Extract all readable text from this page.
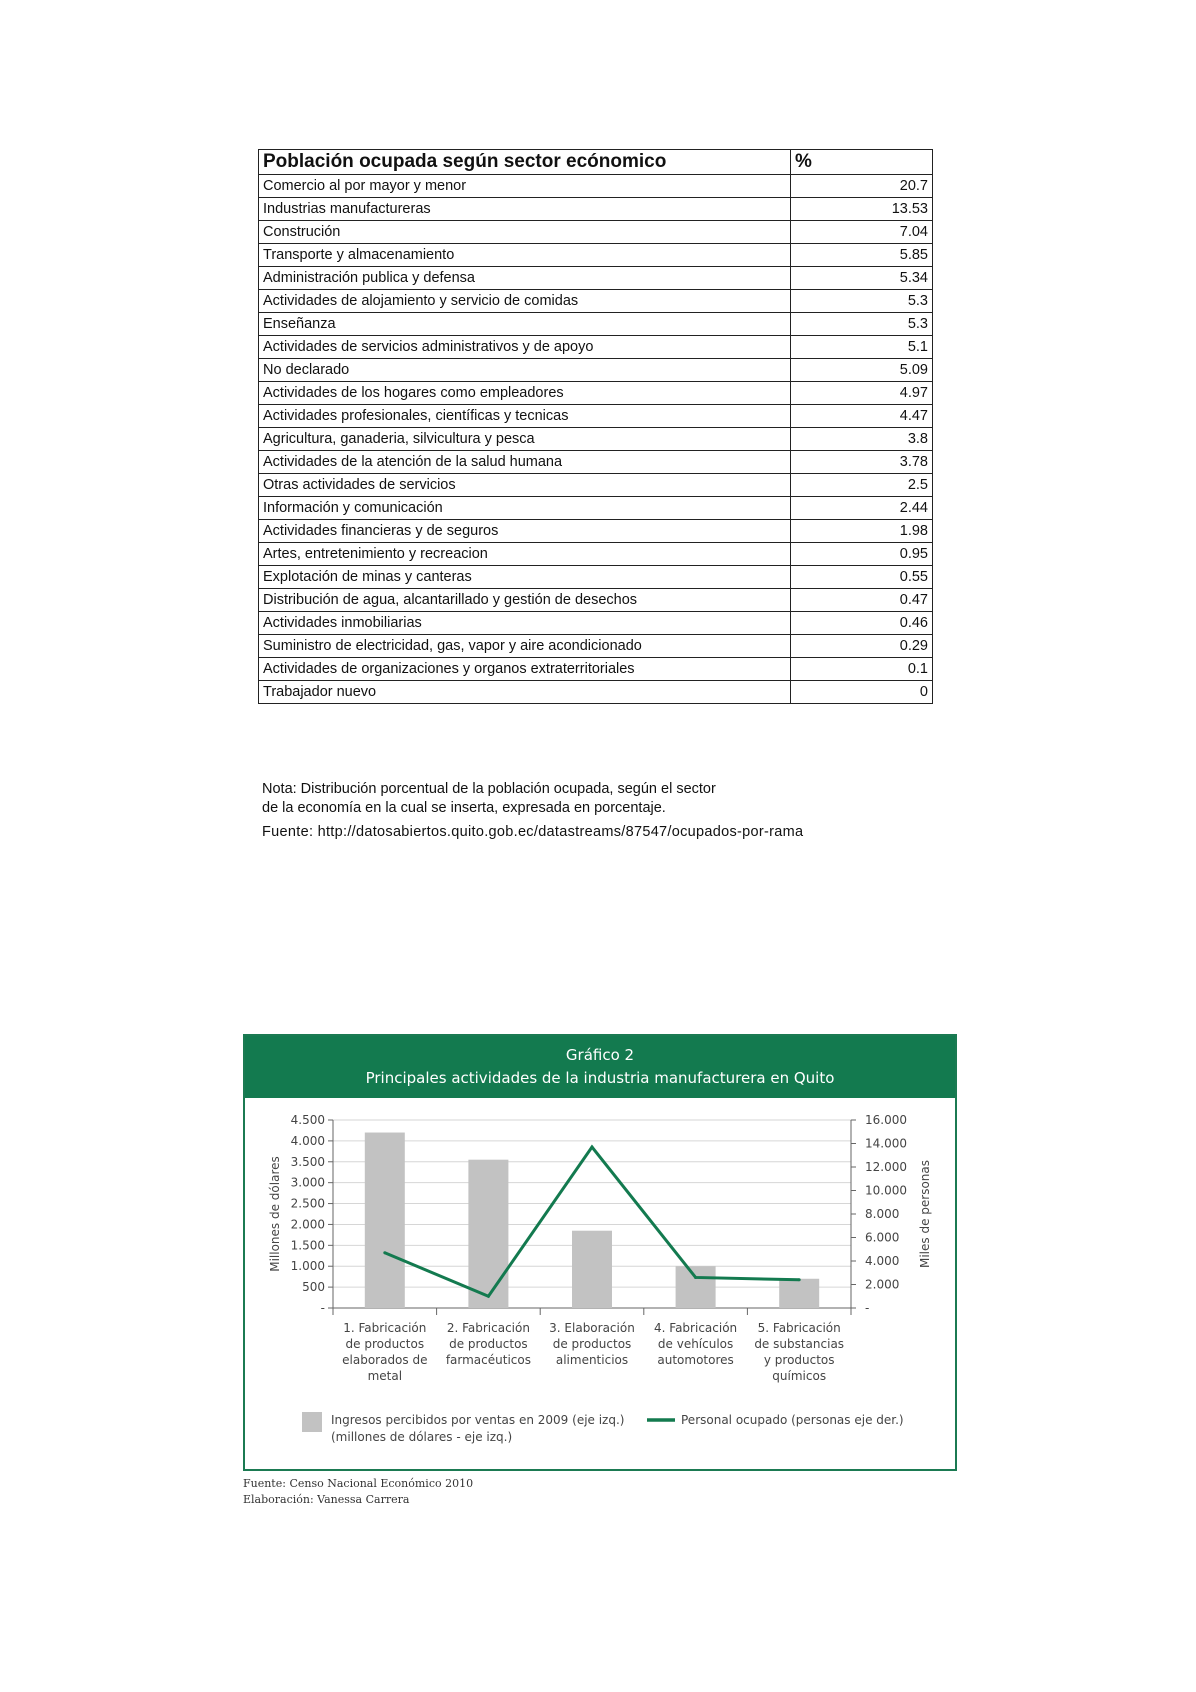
Población ocupada según sector ecónomico	%
Comercio al por mayor y menor	20.7
Industrias manufactureras	13.53
Construción	7.04
Transporte y almacenamiento	5.85
Administración publica y defensa	5.34
Actividades de alojamiento y servicio de comidas	5.3
Enseñanza	5.3
Actividades de servicios administrativos y de apoyo	5.1
No declarado	5.09
Actividades de los hogares como empleadores	4.97
Actividades profesionales, científicas y tecnicas	4.47
Agricultura, ganaderia, silvicultura y pesca	3.8
Actividades de la atención de la salud humana	3.78
Otras actividades de servicios	2.5
Información y comunicación	2.44
Actividades financieras y de seguros	1.98
Artes, entretenimiento y recreacion	0.95
Explotación de minas y canteras	0.55
Distribución de agua, alcantarillado y gestión de desechos	0.47
Actividades inmobiliarias	0.46
Suministro de electricidad, gas, vapor y aire acondicionado	0.29
Actividades de organizaciones y organos extraterritoriales	0.1
Trabajador nuevo	0
Nota: Distribución porcentual de la población ocupada, según el sector
de la economía en la cual se inserta, expresada en porcentaje.
Fuente: http://datosabiertos.quito.gob.ec/datastreams/87547/ocupados-por-rama
Gráfico 2
Principales actividades de la industria manufacturera en Quito
-
500
1.000
1.500
2.000
2.500
3.000
3.500
4.000
4.500
-
2.000
4.000
6.000
8.000
10.000
12.000
14.000
16.000
Millones de dólares	Miles de personas
1. Fabricación
de productos
elaborados de
metal
2. Fabricación
de productos
farmacéuticos
3. Elaboración
de productos
alimenticios
4. Fabricación
de vehículos
automotores
5. Fabricación
de substancias
y productos
químicos
Ingresos percibidos por ventas en 2009 (eje izq.)
(millones de dólares - eje izq.)
Personal ocupado (personas eje der.)
Fuente: Censo Nacional Económico 2010
Elaboración: Vanessa Carrera
